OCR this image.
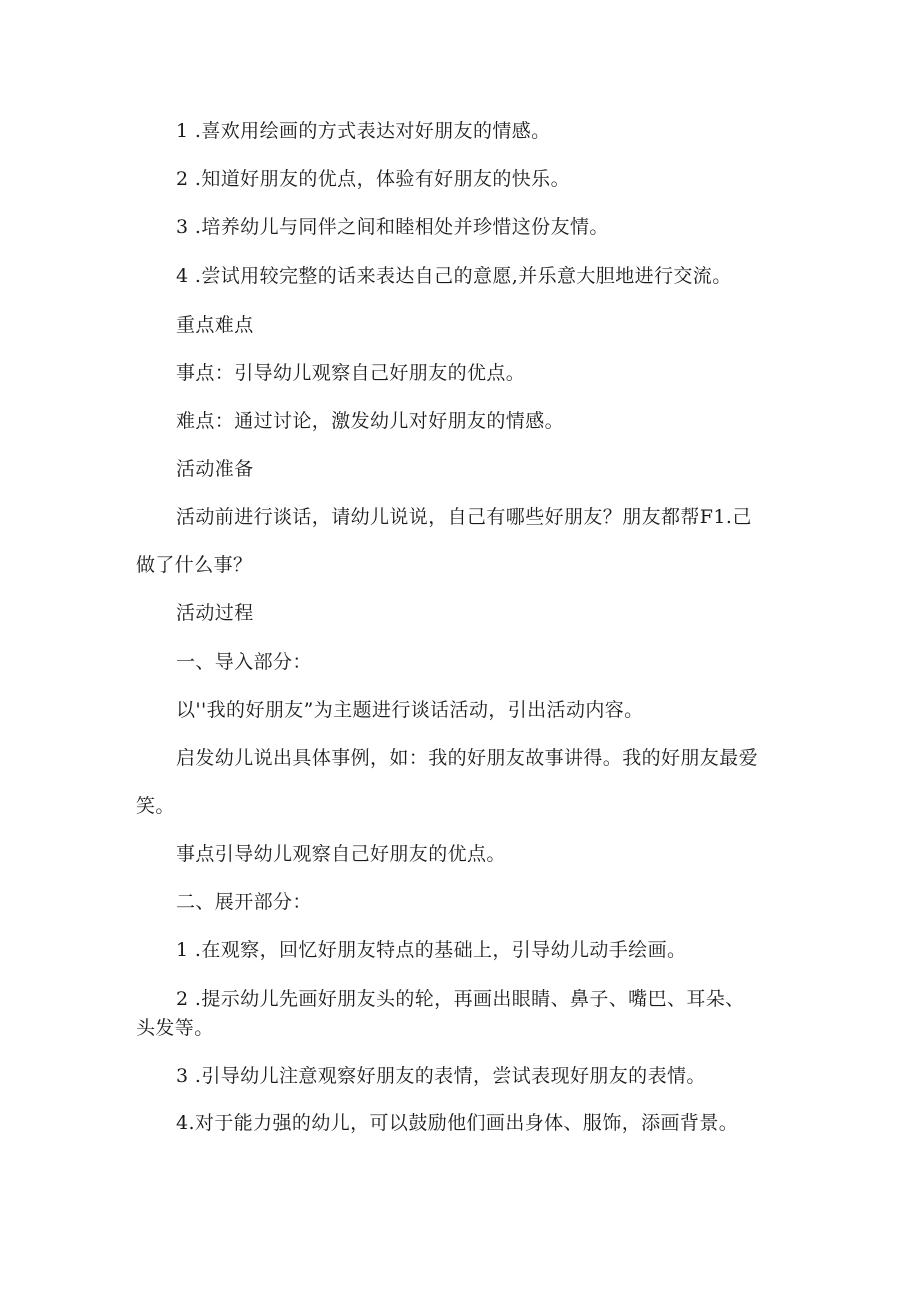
1 .喜欢用绘画的方式表达对好朋友的情感。
2 .知道好朋友的优点，体验有好朋友的快乐。
3 .培养幼儿与同伴之间和睦相处并珍惜这份友情。
4 .尝试用较完整的话来表达自己的意愿,并乐意大胆地进行交流。
重点难点
事点：引导幼儿观察自己好朋友的优点。
难点：通过讨论，激发幼儿对好朋友的情感。
活动准备
活动前进行谈话，请幼儿说说，自己有哪些好朋友？朋友都帮F1.己
做了什么事？
活动过程
一、导入部分：
以''我的好朋友”为主题进行谈话活动，引出活动内容。
启发幼儿说出具体事例，如：我的好朋友故事讲得。我的好朋友最爱
笑。
事点引导幼儿观察自己好朋友的优点。
二、展开部分：
1 .在观察，回忆好朋友特点的基础上，引导幼儿动手绘画。
2 .提示幼儿先画好朋友头的轮，再画出眼睛、鼻子、嘴巴、耳朵、
头发等。
3 .引导幼儿注意观察好朋友的表情，尝试表现好朋友的表情。
4.对于能力强的幼儿，可以鼓励他们画出身体、服饰，添画背景。
